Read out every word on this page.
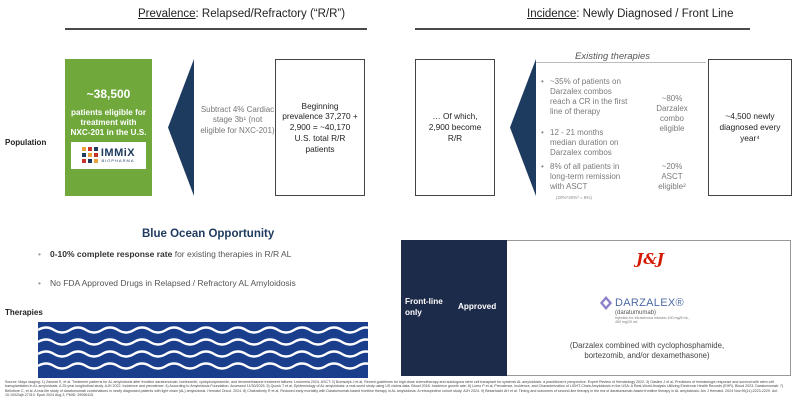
Prevalence: Relapsed/Refractory (“R/R”)	Incidence: Newly Diagnosed / Front Line
Population
Therapies
~38,500
patients eligible for treatment with NXC-201 in the U.S.
IMMiX
BIOPHARMA
Subtract 4% Cardiac stage 3b¹ (not eligible for NXC-201)
Beginning prevalence 37,270 + 2,900 = ~40,170 U.S. total R/R patients
… Of which, 2,900 become R/R
Existing therapies
• ~35% of patients on Darzalex combos reach a CR in the first line of therapy
• 12 - 21 months median duration on Darzalex combos
• 8% of all patients in long-term remission with ASCT
(20%*40%³ = 8%)
~80% Darzalex combo eligible
~20% ASCT eligible²
~4,500 newly diagnosed every year⁴
Blue Ocean Opportunity
• 0-10% complete response rate for existing therapies in R/R AL
• No FDA Approved Drugs in Relapsed / Refractory AL Amyloidosis
Front-line only
Approved
J&J
DARZALEX®
(daratumumab)
Injection for intravenous infusion 100 mg/5 mL, 400 mg/20 mL
(Darzalex combined with cyclophosphamide, bortezomib, and/or dexamethasone)
Source: Mayo staging: 1) Zanwar S, et al. Treatment patterns for AL amyloidosis after frontline daratumumab, bortezomib, cyclophosphamide, and dexamethasone treatment failures. Leukemia 2024. ASCT: 2) Bomsztyk J et al, Recent guidelines for high-dose chemotherapy and autologous stem cell transplant for systemic AL amyloidosis: a practitioner's perspective. Expert Review of Hematology 2022. 3) Gasline J et al, Predictors of hematologic response and survival with stem cell transplantation in AL amyloidosis: A 25-year longitudinal study. AJH 2022. Incidence and prevalence: 4) According to Amyloidosis Foundation. Accessed 11/30/2025. 5) Quock T et al, Epidemiology of AL amyloidosis: a real-world study using US claims data. Blood 2018. Incidence growth rate: 6) Lurno P et al, Prevalence, incidence, and Characterization of LIGHT-Chain Amyloidosis in the USA: A Real-World Analysis Utilizing Electronic Health Records (EHR). Blood 2023. Daratumumab: 7) Bellofiore C, et al. A real-life study of daratumumab combinations in newly diagnosed patients with light chain (AL) amyloidosis. Hematol Oncol. 2024. 8) Chakraborty R et al, Reduced early mortality with Daratumumab-based frontline therapy in AL amyloidosis: A retrospective cohort study. AJH 2024. 9) Bezarbachi AH et al. Timing and outcomes of second-line therapy in the era of daratumumab-based frontline therapy in AL amyloidosis. Am J Hematol. 2024 Nov;99(11):2223-2229. doi: 10.1002/ajh.27410. Epub 2024 Aug 3. PMID: 39096115.
